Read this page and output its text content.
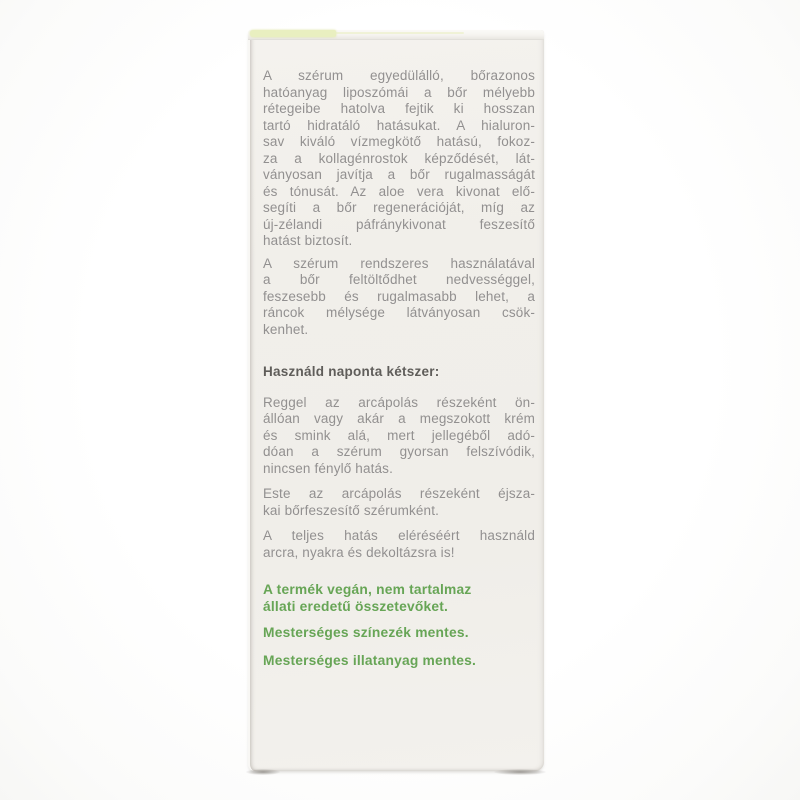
A szérum egyedülálló, bőrazonos
hatóanyag liposzómái a bőr mélyebb
rétegeibe hatolva fejtik ki hosszan
tartó hidratáló hatásukat. A hialuron-
sav kiváló vízmegkötő hatású, fokoz-
za a kollagénrostok képződését, lát-
ványosan javítja a bőr rugalmasságát
és tónusát. Az aloe vera kivonat elő-
segíti a bőr regenerációját, míg az
új-zélandi páfránykivonat feszesítő
hatást biztosít.
A szérum rendszeres használatával
a bőr feltöltődhet nedvességgel,
feszesebb és rugalmasabb lehet, a
ráncok mélysége látványosan csök-
kenhet.
Használd naponta kétszer:
Reggel az arcápolás részeként ön-
állóan vagy akár a megszokott krém
és smink alá, mert jellegéből adó-
dóan a szérum gyorsan felszívódik,
nincsen fénylő hatás.
Este az arcápolás részeként éjsza-
kai bőrfeszesítő szérumként.
A teljes hatás eléréséért használd
arcra, nyakra és dekoltázsra is!
A termék vegán, nem tartalmaz
állati eredetű összetevőket.
Mesterséges színezék mentes.
Mesterséges illatanyag mentes.
